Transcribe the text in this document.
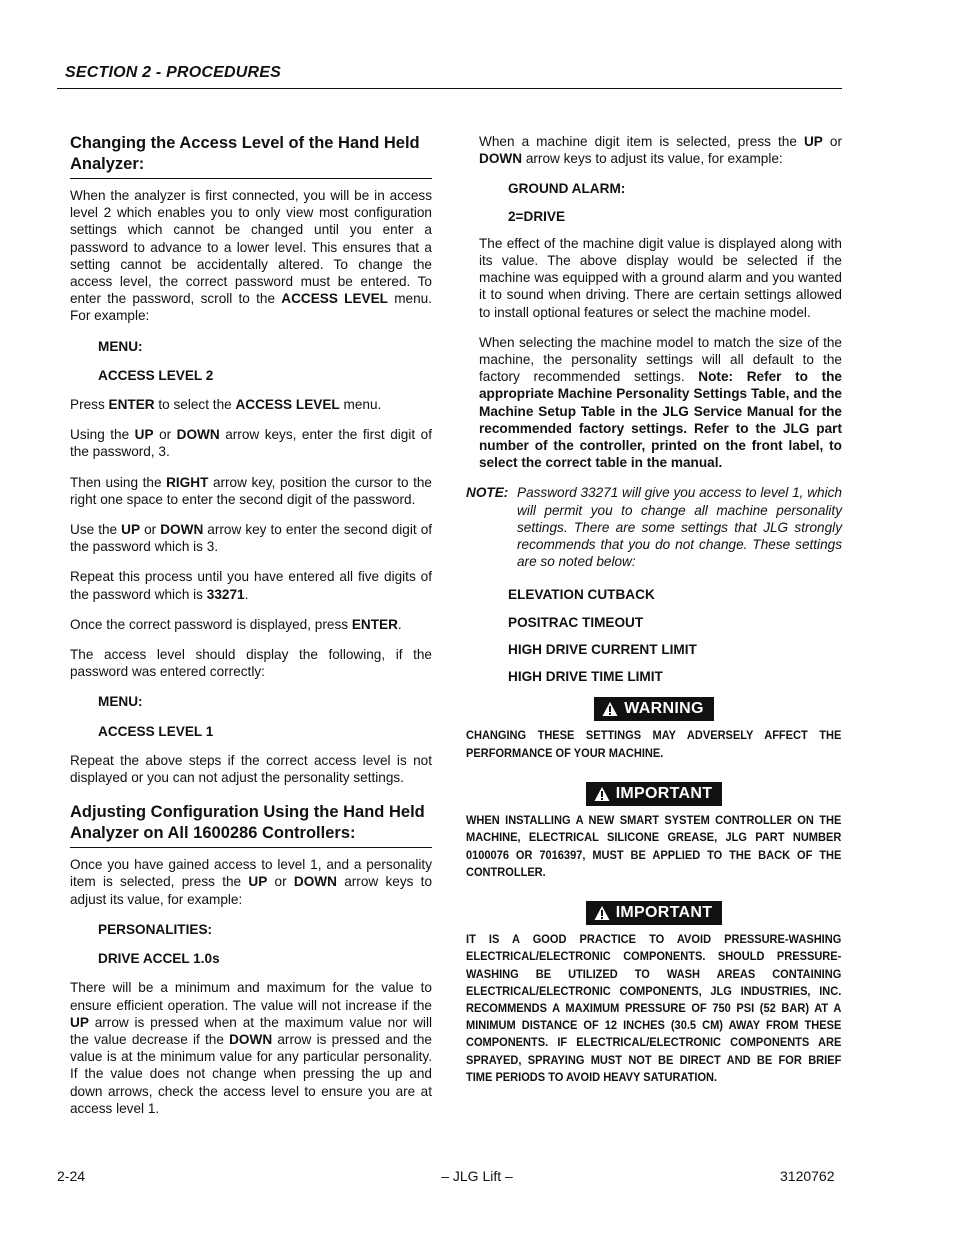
SECTION 2 - PROCEDURES
Changing the Access Level of the Hand Held Analyzer:

When the analyzer is first connected, you will be in access level 2 which enables you to only view most configuration settings which cannot be changed until you enter a password to advance to a lower level. This ensures that a setting cannot be accidentally altered. To change the access level, the correct password must be entered. To enter the password, scroll to the ACCESS LEVEL menu. For example:

MENU:

ACCESS LEVEL 2

Press ENTER to select the ACCESS LEVEL menu.

Using the UP or DOWN arrow keys, enter the first digit of the password, 3.

Then using the RIGHT arrow key, position the cursor to the right one space to enter the second digit of the password.

Use the UP or DOWN arrow key to enter the second digit of the password which is 3.

Repeat this process until you have entered all five digits of the password which is 33271.

Once the correct password is displayed, press ENTER.

The access level should display the following, if the password was entered correctly:

MENU:

ACCESS LEVEL 1

Repeat the above steps if the correct access level is not displayed or you can not adjust the personality settings.

Adjusting Configuration Using the Hand Held Analyzer on All 1600286 Controllers:

Once you have gained access to level 1, and a personality item is selected, press the UP or DOWN arrow keys to adjust its value, for example:

PERSONALITIES:

DRIVE ACCEL 1.0s

There will be a minimum and maximum for the value to ensure efficient operation. The value will not increase if the UP arrow is pressed when at the maximum value nor will the value decrease if the DOWN arrow is pressed and the value is at the minimum value for any particular personality. If the value does not change when pressing the up and down arrows, check the access level to ensure you are at access level 1.

When a machine digit item is selected, press the UP or DOWN arrow keys to adjust its value, for example:

GROUND ALARM:

2=DRIVE

The effect of the machine digit value is displayed along with its value. The above display would be selected if the machine was equipped with a ground alarm and you wanted it to sound when driving. There are certain settings allowed to install optional features or select the machine model.

When selecting the machine model to match the size of the machine, the personality settings will all default to the factory recommended settings. Note: Refer to the appropriate Machine Personality Settings Table, and the Machine Setup Table in the JLG Service Manual for the recommended factory settings. Refer to the JLG part number of the controller, printed on the front label, to select the correct table in the manual.

NOTE: Password 33271 will give you access to level 1, which will permit you to change all machine personality settings. There are some settings that JLG strongly recommends that you do not change. These settings are so noted below:

ELEVATION CUTBACK

POSITRAC TIMEOUT

HIGH DRIVE CURRENT LIMIT

HIGH DRIVE TIME LIMIT

WARNING

CHANGING THESE SETTINGS MAY ADVERSELY AFFECT THE PERFORMANCE OF YOUR MACHINE.

IMPORTANT

WHEN INSTALLING A NEW SMART SYSTEM CONTROLLER ON THE MACHINE, ELECTRICAL SILICONE GREASE, JLG PART NUMBER 0100076 OR 7016397, MUST BE APPLIED TO THE BACK OF THE CONTROLLER.

IMPORTANT

IT IS A GOOD PRACTICE TO AVOID PRESSURE-WASHING ELECTRICAL/ELECTRONIC COMPONENTS. SHOULD PRESSURE-WASHING BE UTILIZED TO WASH AREAS CONTAINING ELECTRICAL/ELECTRONIC COMPONENTS, JLG INDUSTRIES, INC. RECOMMENDS A MAXIMUM PRESSURE OF 750 PSI (52 BAR) AT A MINIMUM DISTANCE OF 12 INCHES (30.5 CM) AWAY FROM THESE COMPONENTS. IF ELECTRICAL/ELECTRONIC COMPONENTS ARE SPRAYED, SPRAYING MUST NOT BE DIRECT AND BE FOR BRIEF TIME PERIODS TO AVOID HEAVY SATURATION.

2-24	– JLG Lift –	3120762
